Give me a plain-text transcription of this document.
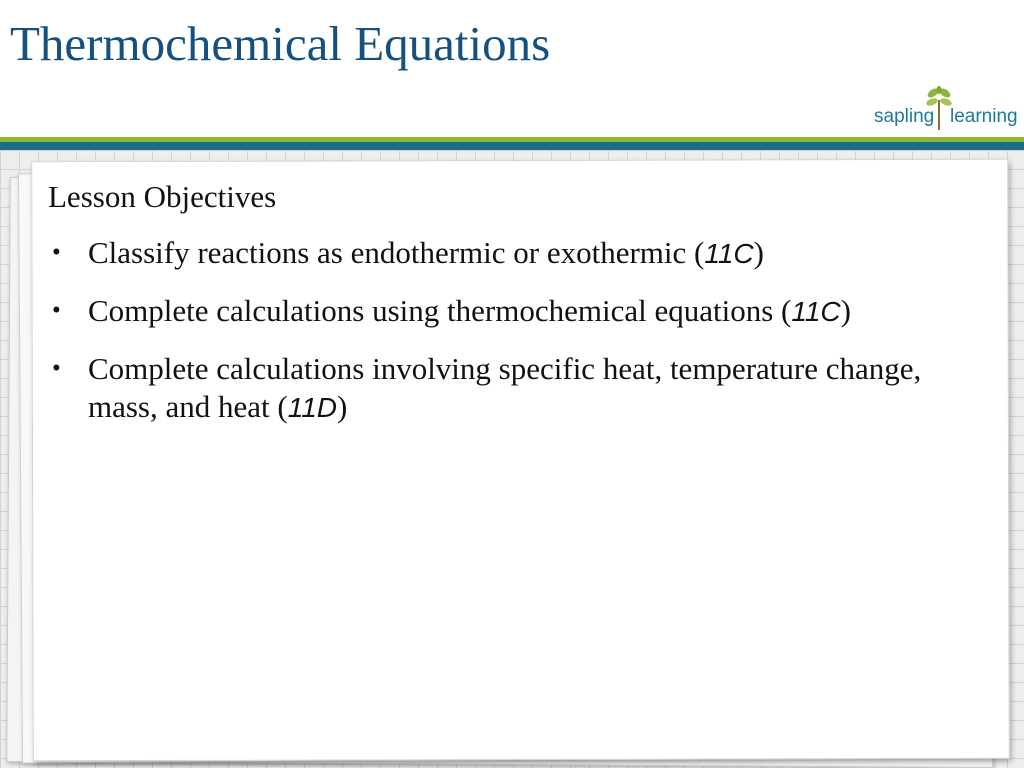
Thermochemical Equations
sapling learning
Lesson Objectives
• Classify reactions as endothermic or exothermic (11C)
• Complete calculations using thermochemical equations (11C)
• Complete calculations involving specific heat, temperature change, mass, and heat (11D)
